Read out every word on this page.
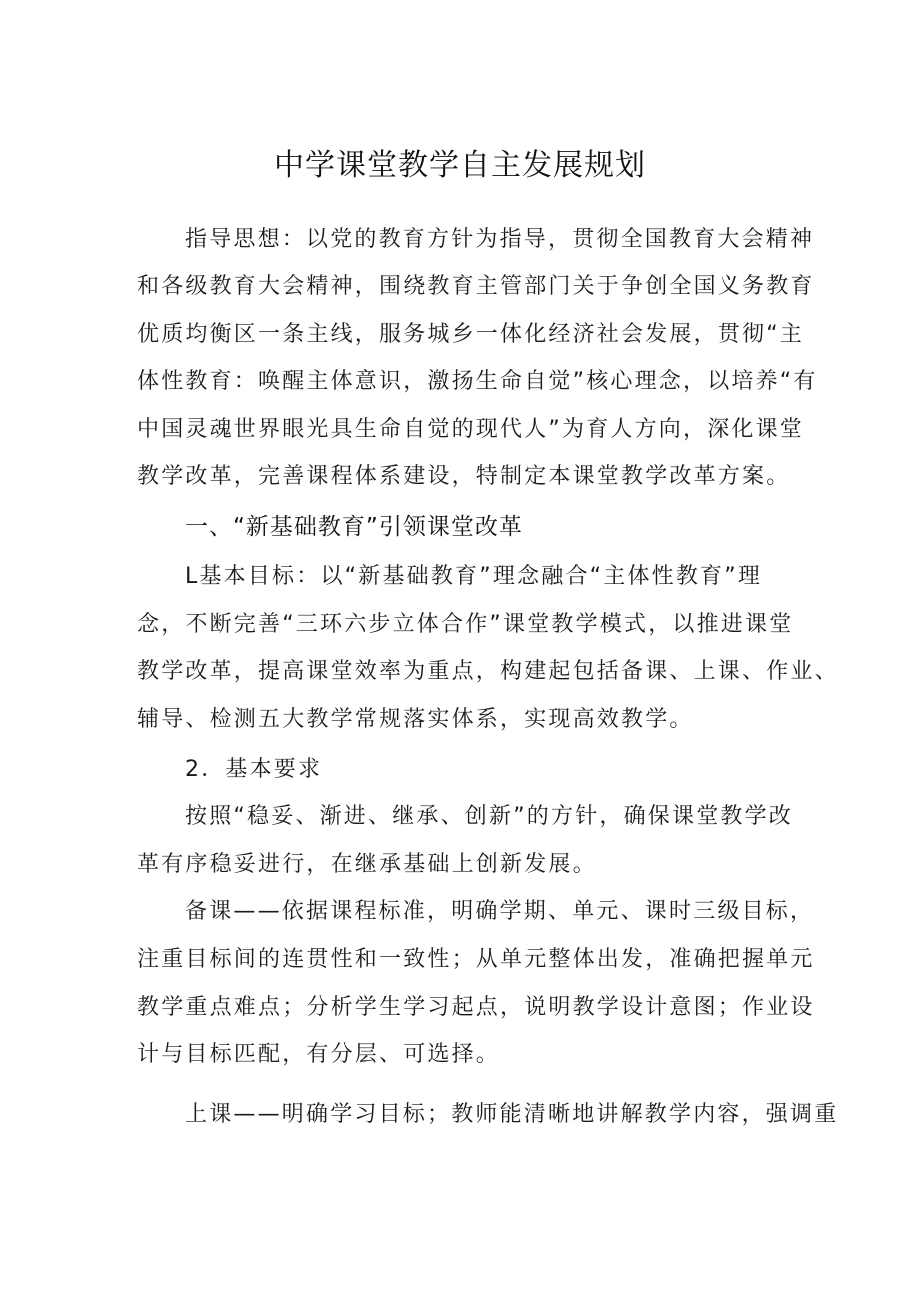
中学课堂教学自主发展规划
指导思想：以党的教育方针为指导，贯彻全国教育大会精神
和各级教育大会精神，围绕教育主管部门关于争创全国义务教育
优质均衡区一条主线，服务城乡一体化经济社会发展，贯彻“主
体性教育：唤醒主体意识，激扬生命自觉”核心理念，以培养“有
中国灵魂世界眼光具生命自觉的现代人”为育人方向，深化课堂
教学改革，完善课程体系建设，特制定本课堂教学改革方案。
一、“新基础教育”引领课堂改革
L基本目标：以“新基础教育”理念融合“主体性教育”理
念，不断完善“三环六步立体合作”课堂教学模式，以推进课堂
教学改革，提高课堂效率为重点，构建起包括备课、上课、作业、
辅导、检测五大教学常规落实体系，实现高效教学。
2．基本要求
按照“稳妥、渐进、继承、创新”的方针，确保课堂教学改
革有序稳妥进行，在继承基础上创新发展。
备课——依据课程标准，明确学期、单元、课时三级目标，
注重目标间的连贯性和一致性；从单元整体出发，准确把握单元
教学重点难点；分析学生学习起点，说明教学设计意图；作业设
计与目标匹配，有分层、可选择。
上课——明确学习目标；教师能清晰地讲解教学内容，强调重
